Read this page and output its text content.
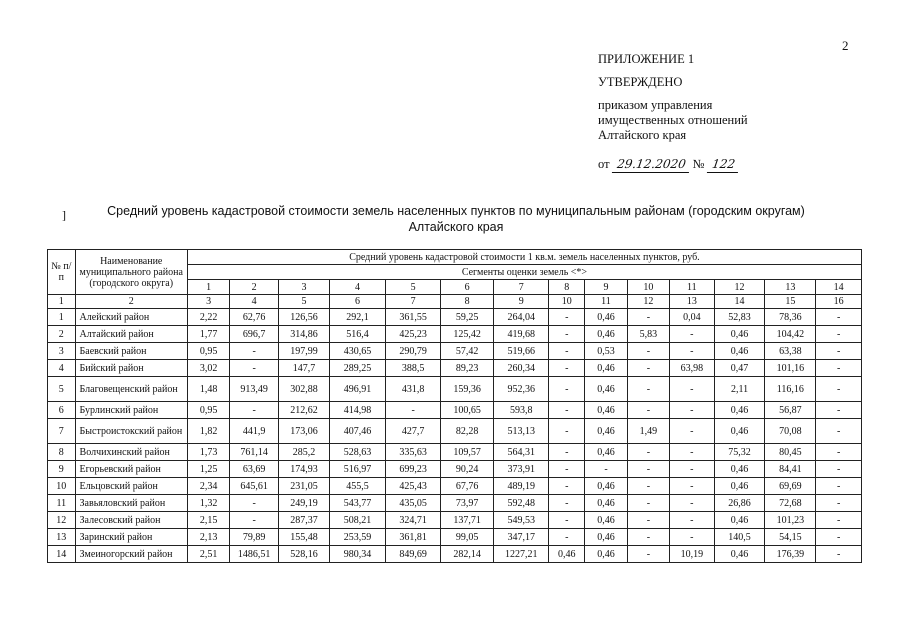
2
ПРИЛОЖЕНИЕ 1
УТВЕРЖДЕНО
приказом управления
имущественных отношений
Алтайского края
от 29.12.2020 № 122
]	Средний уровень кадастровой стоимости земель населенных пунктов по муниципальным районам (городским округам)
Алтайского края
№ п/п	Наименование муниципального района (городского округа)	Средний уровень кадастровой стоимости 1 кв.м. земель населенных пунктов, руб.													
		Сегменты оценки земель <*>													
		1	2	3	4	5	6	7	8	9	10	11	12	13	14
1	2	3	4	5	6	7	8	9	10	11	12	13	14	15	16
1	Алейский район	2,22	62,76	126,56	292,1	361,55	59,25	264,04	-	0,46	-	0,04	52,83	78,36	-
2	Алтайский район	1,77	696,7	314,86	516,4	425,23	125,42	419,68	-	0,46	5,83	-	0,46	104,42	-
3	Баевский район	0,95	-	197,99	430,65	290,79	57,42	519,66	-	0,53	-	-	0,46	63,38	-
4	Бийский район	3,02	-	147,7	289,25	388,5	89,23	260,34	-	0,46	-	63,98	0,47	101,16	-
5	Благовещенский район	1,48	913,49	302,88	496,91	431,8	159,36	952,36	-	0,46	-	-	2,11	116,16	-
6	Бурлинский район	0,95	-	212,62	414,98	-	100,65	593,8	-	0,46	-	-	0,46	56,87	-
7	Быстроистокский район	1,82	441,9	173,06	407,46	427,7	82,28	513,13	-	0,46	1,49	-	0,46	70,08	-
8	Волчихинский район	1,73	761,14	285,2	528,63	335,63	109,57	564,31	-	0,46	-	-	75,32	80,45	-
9	Егорьевский район	1,25	63,69	174,93	516,97	699,23	90,24	373,91	-	-	-	-	0,46	84,41	-
10	Ельцовский район	2,34	645,61	231,05	455,5	425,43	67,76	489,19	-	0,46	-	-	0,46	69,69	-
11	Завьяловский район	1,32	-	249,19	543,77	435,05	73,97	592,48	-	0,46	-	-	26,86	72,68	-
12	Залесовский район	2,15	-	287,37	508,21	324,71	137,71	549,53	-	0,46	-	-	0,46	101,23	-
13	Заринский район	2,13	79,89	155,48	253,59	361,81	99,05	347,17	-	0,46	-	-	140,5	54,15	-
14	Змеиногорский район	2,51	1486,51	528,16	980,34	849,69	282,14	1227,21	0,46	0,46	-	10,19	0,46	176,39	-
